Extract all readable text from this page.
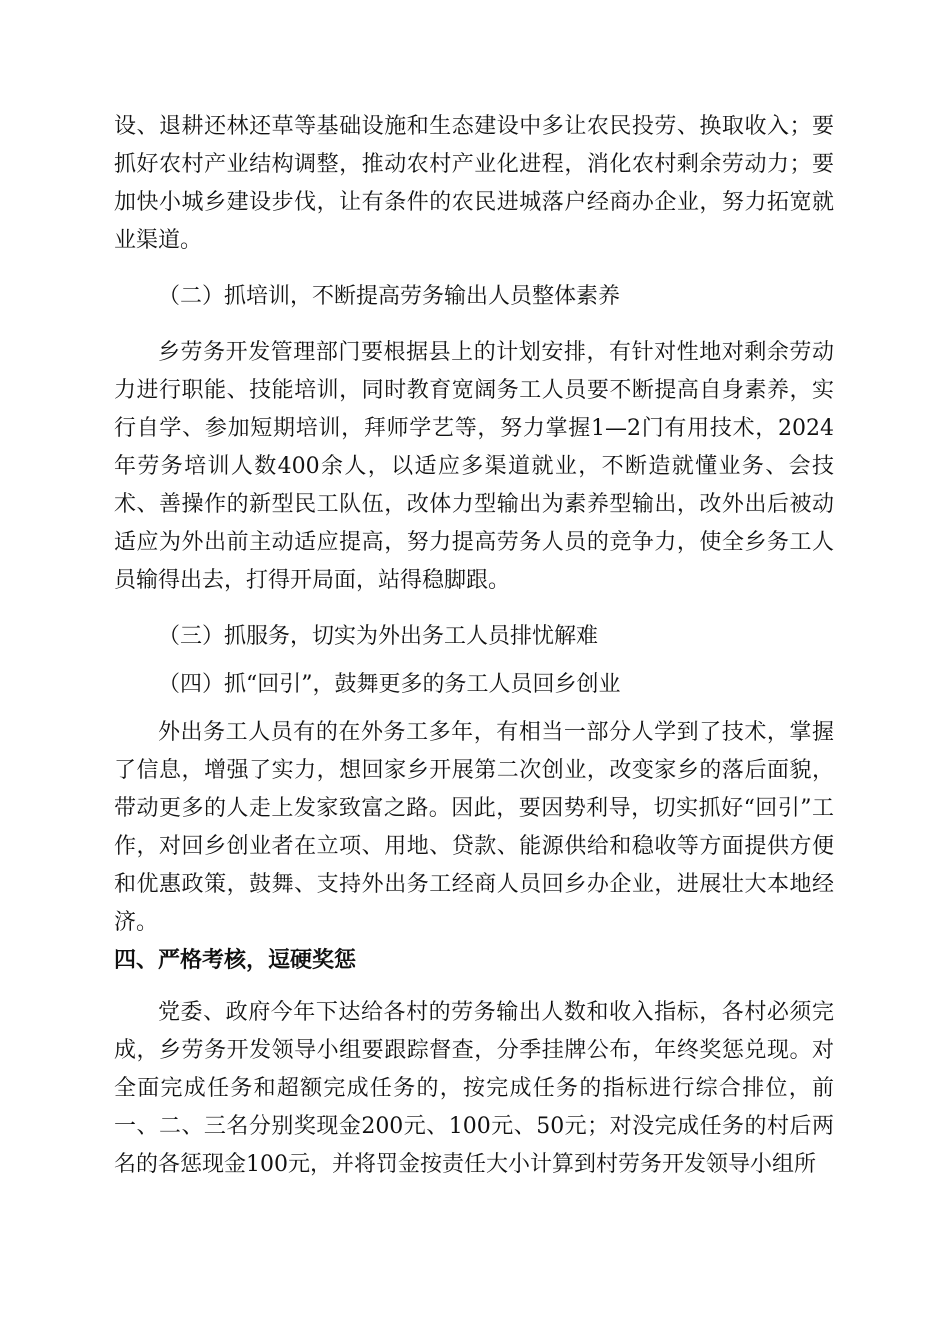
设、退耕还林还草等基础设施和生态建设中多让农民投劳、换取收入；要抓好农村产业结构调整，推动农村产业化进程，消化农村剩余劳动力；要加快小城乡建设步伐，让有条件的农民进城落户经商办企业，努力拓宽就业渠道。

（二）抓培训，不断提高劳务输出人员整体素养

乡劳务开发管理部门要根据县上的计划安排，有针对性地对剩余劳动力进行职能、技能培训，同时教育宽阔务工人员要不断提高自身素养，实行自学、参加短期培训，拜师学艺等，努力掌握1—2门有用技术，2024年劳务培训人数400余人，以适应多渠道就业，不断造就懂业务、会技术、善操作的新型民工队伍，改体力型输出为素养型输出，改外出后被动适应为外出前主动适应提高，努力提高劳务人员的竞争力，使全乡务工人员输得出去，打得开局面，站得稳脚跟。

（三）抓服务，切实为外出务工人员排忧解难

（四）抓“回引”，鼓舞更多的务工人员回乡创业

外出务工人员有的在外务工多年，有相当一部分人学到了技术，掌握了信息，增强了实力，想回家乡开展第二次创业，改变家乡的落后面貌，带动更多的人走上发家致富之路。因此，要因势利导，切实抓好“回引”工作，对回乡创业者在立项、用地、贷款、能源供给和稳收等方面提供方便和优惠政策，鼓舞、支持外出务工经商人员回乡办企业，进展壮大本地经济。

四、严格考核，逗硬奖惩

党委、政府今年下达给各村的劳务输出人数和收入指标，各村必须完成，乡劳务开发领导小组要跟踪督查，分季挂牌公布，年终奖惩兑现。对全面完成任务和超额完成任务的，按完成任务的指标进行综合排位，前一、二、三名分别奖现金200元、100元、50元；对没完成任务的村后两名的各惩现金100元，并将罚金按责任大小计算到村劳务开发领导小组所
